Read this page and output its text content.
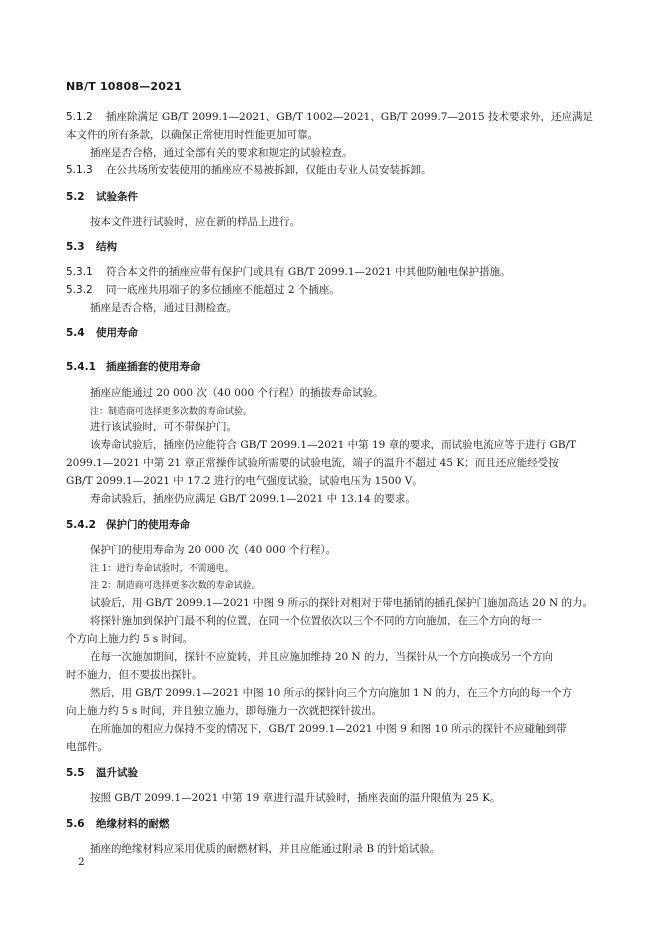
NB/T 10808—2021
5.1.2 插座除满足 GB/T 2099.1—2021、GB/T 1002—2021、GB/T 2099.7—2015 技术要求外，还应满足
本文件的所有条款，以确保正常使用时性能更加可靠。
插座是否合格，通过全部有关的要求和规定的试验检查。
5.1.3 在公共场所安装使用的插座应不易被拆卸，仅能由专业人员安装拆卸。
5.2 试验条件
按本文件进行试验时，应在新的样品上进行。
5.3 结构
5.3.1 符合本文件的插座应带有保护门或具有 GB/T 2099.1—2021 中其他防触电保护措施。
5.3.2 同一底座共用端子的多位插座不能超过 2 个插座。
插座是否合格，通过目测检查。
5.4 使用寿命
5.4.1 插座插套的使用寿命
插座应能通过 20 000 次（40 000 个行程）的插拔寿命试验。
注：制造商可选择更多次数的寿命试验。
进行该试验时，可不带保护门。
该寿命试验后，插座仍应能符合 GB/T 2099.1—2021 中第 19 章的要求，而试验电流应等于进行 GB/T
2099.1—2021 中第 21 章正常操作试验所需要的试验电流，端子的温升不超过 45 K；而且还应能经受按
GB/T 2099.1—2021 中 17.2 进行的电气强度试验，试验电压为 1500 V。
寿命试验后，插座仍应满足 GB/T 2099.1—2021 中 13.14 的要求。
5.4.2 保护门的使用寿命
保护门的使用寿命为 20 000 次（40 000 个行程）。
注 1：进行寿命试验时，不需通电。
注 2：制造商可选择更多次数的寿命试验。
试验后，用 GB/T 2099.1—2021 中图 9 所示的探针对相对于带电插销的插孔保护门施加高达 20 N 的力。
将探针施加到保护门最不利的位置，在同一个位置依次以三个不同的方向施加，在三个方向的每一
个方向上施力约 5 s 时间。
在每一次施加期间，探针不应旋转，并且应施加维持 20 N 的力，当探针从一个方向换成另一个方向
时不施力，但不要拔出探针。
然后，用 GB/T 2099.1—2021 中图 10 所示的探针向三个方向施加 1 N 的力，在三个方向的每一个方
向上施力约 5 s 时间，并且独立施力，即每施力一次就把探针拔出。
在所施加的相应力保持不变的情况下，GB/T 2099.1—2021 中图 9 和图 10 所示的探针不应碰触到带
电部件。
5.5 温升试验
按照 GB/T 2099.1—2021 中第 19 章进行温升试验时，插座表面的温升限值为 25 K。
5.6 绝缘材料的耐燃
插座的绝缘材料应采用优质的耐燃材料，并且应能通过附录 B 的针焰试验。
2
